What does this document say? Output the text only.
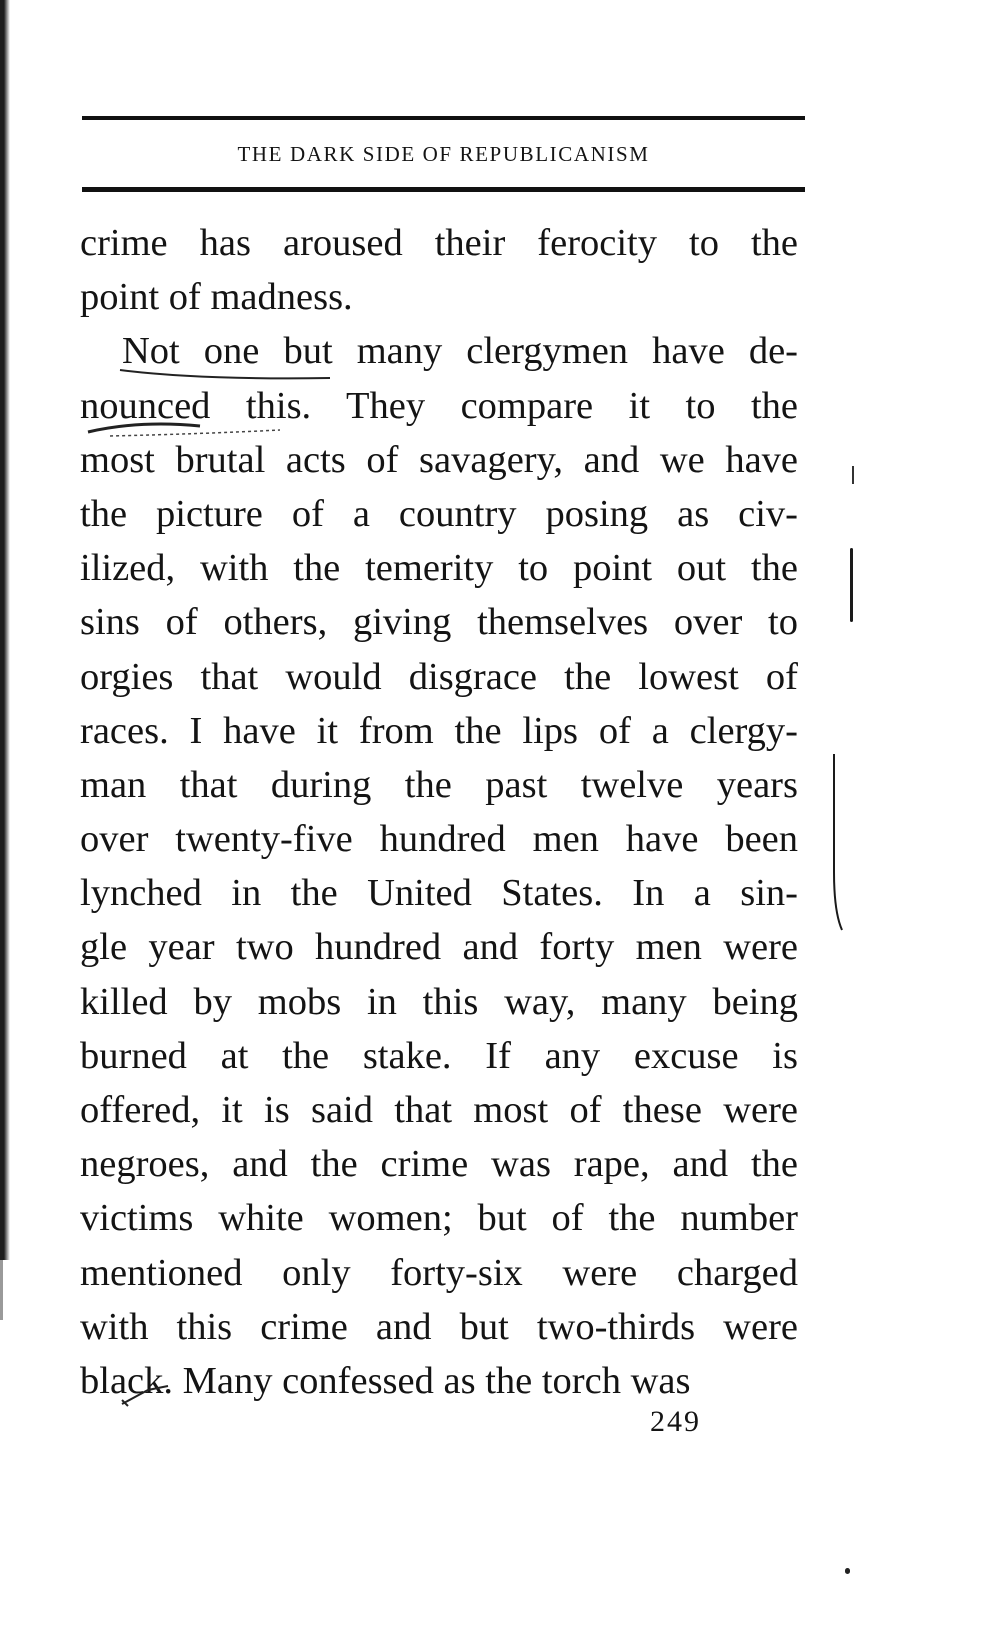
THE DARK SIDE OF REPUBLICANISM
crime has aroused their ferocity to the
point of madness.
Not one but many clergymen have de-
nounced this. They compare it to the
most brutal acts of savagery, and we have
the picture of a country posing as civ-
ilized, with the temerity to point out the
sins of others, giving themselves over to
orgies that would disgrace the lowest of
races. I have it from the lips of a clergy-
man that during the past twelve years
over twenty-five hundred men have been
lynched in the United States. In a sin-
gle year two hundred and forty men were
killed by mobs in this way, many being
burned at the stake. If any excuse is
offered, it is said that most of these were
negroes, and the crime was rape, and the
victims white women; but of the number
mentioned only forty-six were charged
with this crime and but two-thirds were
black. Many confessed as the torch was
249
